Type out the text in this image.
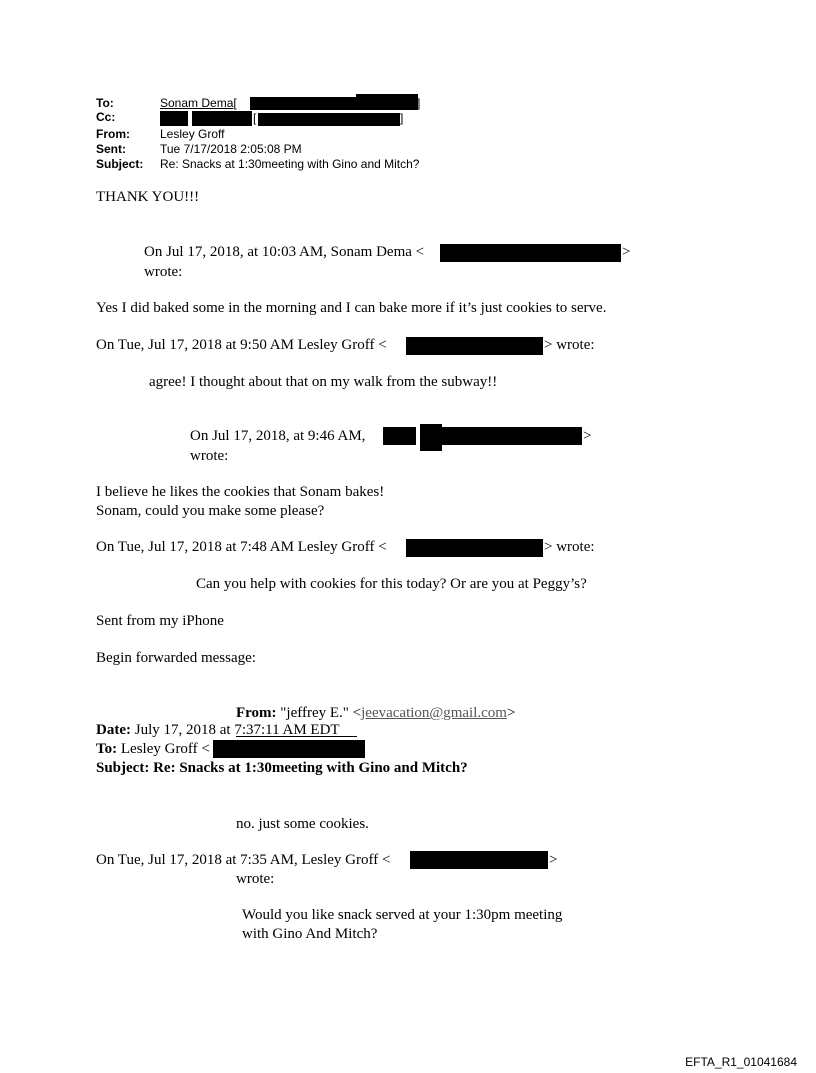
To:	Sonam Dema[	]
Cc:	[	]
From:	Lesley Groff
Sent:	Tue 7/17/2018 2:05:08 PM
Subject: Re: Snacks at 1:30meeting with Gino and Mitch?
THANK YOU!!!
On Jul 17, 2018, at 10:03 AM, Sonam Dema <	>
wrote:
Yes I did baked some in the morning and I can bake more if it’s just cookies to serve.
On Tue, Jul 17, 2018 at 9:50 AM Lesley Groff <	> wrote:
agree! I thought about that on my walk from the subway!!
On Jul 17, 2018, at 9:46 AM,	>
wrote:
I believe he likes the cookies that Sonam bakes!
Sonam, could you make some please?
On Tue, Jul 17, 2018 at 7:48 AM Lesley Groff <	> wrote:
Can you help with cookies for this today? Or are you at Peggy’s?
Sent from my iPhone
Begin forwarded message:
From: "jeffrey E." <jeevacation@gmail.com>
Date: July 17, 2018 at 7:37:11 AM EDT
To: Lesley Groff <
Subject: Re: Snacks at 1:30meeting with Gino and Mitch?
no. just some cookies.
On Tue, Jul 17, 2018 at 7:35 AM, Lesley Groff <	>
wrote:
Would you like snack served at your 1:30pm meeting
with Gino And Mitch?
EFTA_R1_01041684
